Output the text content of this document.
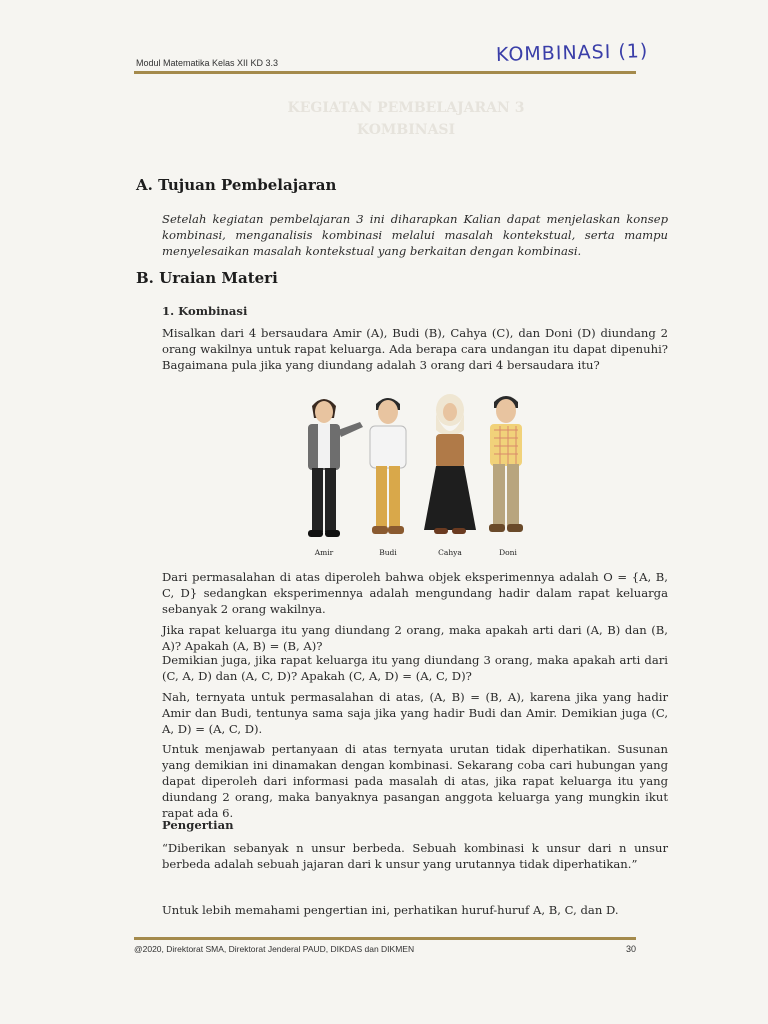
Modul Matematika Kelas XII KD 3.3	KOMBINASI (1)
KEGIATAN PEMBELAJARAN 3
KOMBINASI
A. Tujuan Pembelajaran

Setelah kegiatan pembelajaran 3 ini diharapkan Kalian dapat menjelaskan konsep kombinasi, menganalisis kombinasi melalui masalah kontekstual, serta mampu menyelesaikan masalah kontekstual yang berkaitan dengan kombinasi.

B. Uraian Materi

1. Kombinasi

Misalkan dari 4 bersaudara Amir (A), Budi (B), Cahya (C), dan Doni (D) diundang 2 orang wakilnya untuk rapat keluarga. Ada berapa cara undangan itu dapat dipenuhi? Bagaimana pula jika yang diundang adalah 3 orang dari 4 bersaudara itu?

Amir	Budi	Cahya	Doni

Dari permasalahan di atas diperoleh bahwa objek eksperimennya adalah O = {A, B, C, D} sedangkan eksperimennya adalah mengundang hadir dalam rapat keluarga sebanyak 2 orang wakilnya.

Jika rapat keluarga itu yang diundang 2 orang, maka apakah arti dari (A, B) dan (B, A)? Apakah (A, B) = (B, A)?

Demikian juga, jika rapat keluarga itu yang diundang 3 orang, maka apakah arti dari (C, A, D) dan (A, C, D)? Apakah (C, A, D) = (A, C, D)?

Nah, ternyata untuk permasalahan di atas, (A, B) = (B, A), karena jika yang hadir Amir dan Budi, tentunya sama saja jika yang hadir Budi dan Amir. Demikian juga (C, A, D) = (A, C, D).

Untuk menjawab pertanyaan di atas ternyata urutan tidak diperhatikan. Susunan yang demikian ini dinamakan dengan kombinasi. Sekarang coba cari hubungan yang dapat diperoleh dari informasi pada masalah di atas, jika rapat keluarga itu yang diundang 2 orang, maka banyaknya pasangan anggota keluarga yang mungkin ikut rapat ada 6.

Pengertian

“Diberikan sebanyak n unsur berbeda. Sebuah kombinasi k unsur dari n unsur berbeda adalah sebuah jajaran dari k unsur yang urutannya tidak diperhatikan.”

Untuk lebih memahami pengertian ini, perhatikan huruf-huruf A, B, C, dan D.

@2020, Direktorat SMA, Direktorat Jenderal PAUD, DIKDAS dan DIKMEN	30
